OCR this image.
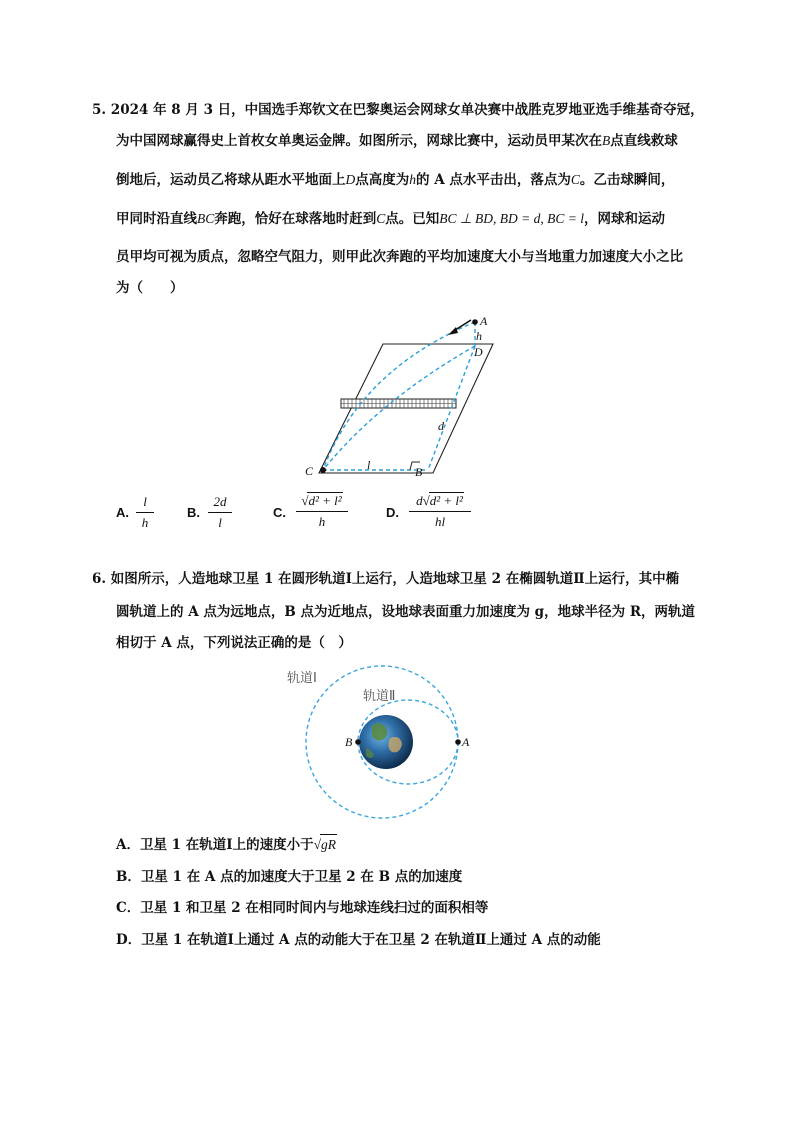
5. 2024 年 8 月 3 日，中国选手郑钦文在巴黎奥运会网球女单决赛中战胜克罗地亚选手维基奇夺冠，
为中国网球赢得史上首枚女单奥运金牌。如图所示，网球比赛中，运动员甲某次在B点直线救球
倒地后，运动员乙将球从距水平地面上D点高度为h的 A 点水平击出，落点为C。乙击球瞬间，
甲同时沿直线BC奔跑，恰好在球落地时赶到C点。已知BC ⊥ BD, BD = d, BC = l，网球和运动
员甲均可视为质点，忽略空气阻力，则甲此次奔跑的平均加速度大小与当地重力加速度大小之比
为（　　）
A
h
D
d
C	l	B
A.
l
h
B.
2d
l
C.
√d² + l²
h
D.
d√d² + l²
hl
6. 如图所示，人造地球卫星 1 在圆形轨道Ⅰ上运行，人造地球卫星 2 在椭圆轨道Ⅱ上运行，其中椭
圆轨道上的 A 点为远地点，B 点为近地点，设地球表面重力加速度为 g，地球半径为 R，两轨道
相切于 A 点，下列说法正确的是（　）
轨道Ⅰ
轨道Ⅱ
B	A
A．卫星 1 在轨道Ⅰ上的速度小于√gR
B．卫星 1 在 A 点的加速度大于卫星 2 在 B 点的加速度
C．卫星 1 和卫星 2 在相同时间内与地球连线扫过的面积相等
D．卫星 1 在轨道Ⅰ上通过 A 点的动能大于在卫星 2 在轨道Ⅱ上通过 A 点的动能
